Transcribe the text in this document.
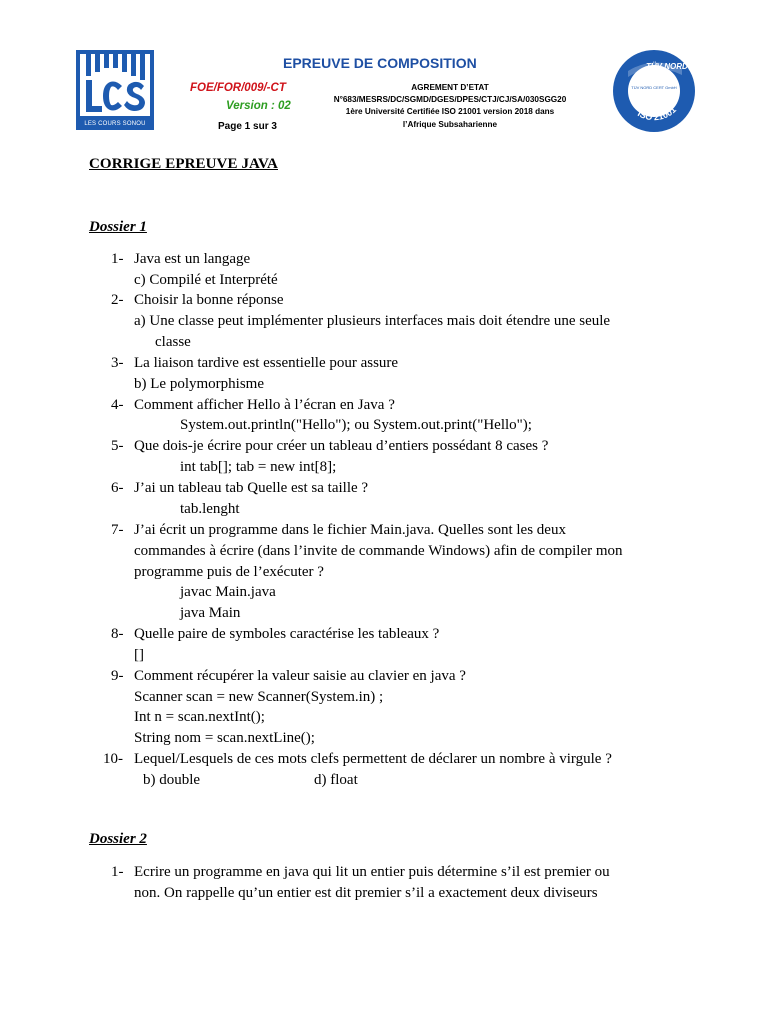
LES COURS SONOU
EPREUVE DE COMPOSITION
FOE/FOR/009/-CT
Version : 02
Page 1 sur 3
AGREMENT D’ETAT
N°683/MESRS/DC/SGMD/DGES/DPES/CTJ/CJ/SA/030SGG20
1ère Université Certifiée ISO 21001 version 2018 dans
l’Afrique Subsaharienne
TÜV NORD
TÜV NORD CERT GmbH
ISO 21001
CORRIGE EPREUVE JAVA
Dossier 1
1- Java est un langage
c) Compilé et Interprété
2- Choisir la bonne réponse
a) Une classe peut implémenter plusieurs interfaces mais doit étendre une seule
classe
3- La liaison tardive est essentielle pour assure
b) Le polymorphisme
4- Comment afficher Hello à l’écran en Java ?
System.out.println("Hello"); ou System.out.print("Hello");
5- Que dois-je écrire pour créer un tableau d’entiers possédant 8 cases ?
int tab[]; tab = new int[8];
6- J’ai un tableau tab Quelle est sa taille ?
tab.lenght
7- J’ai écrit un programme dans le fichier Main.java. Quelles sont les deux
commandes à écrire (dans l’invite de commande Windows) afin de compiler mon
programme puis de l’exécuter ?
javac Main.java
java Main
8- Quelle paire de symboles caractérise les tableaux ?
[]
9- Comment récupérer la valeur saisie au clavier en java ?
Scanner scan = new Scanner(System.in) ;
Int n = scan.nextInt();
String nom = scan.nextLine();
10- Lequel/Lesquels de ces mots clefs permettent de déclarer un nombre à virgule ?
b) double	d) float
Dossier 2
1- Ecrire un programme en java qui lit un entier puis détermine s’il est premier ou
non. On rappelle qu’un entier est dit premier s’il a exactement deux diviseurs
